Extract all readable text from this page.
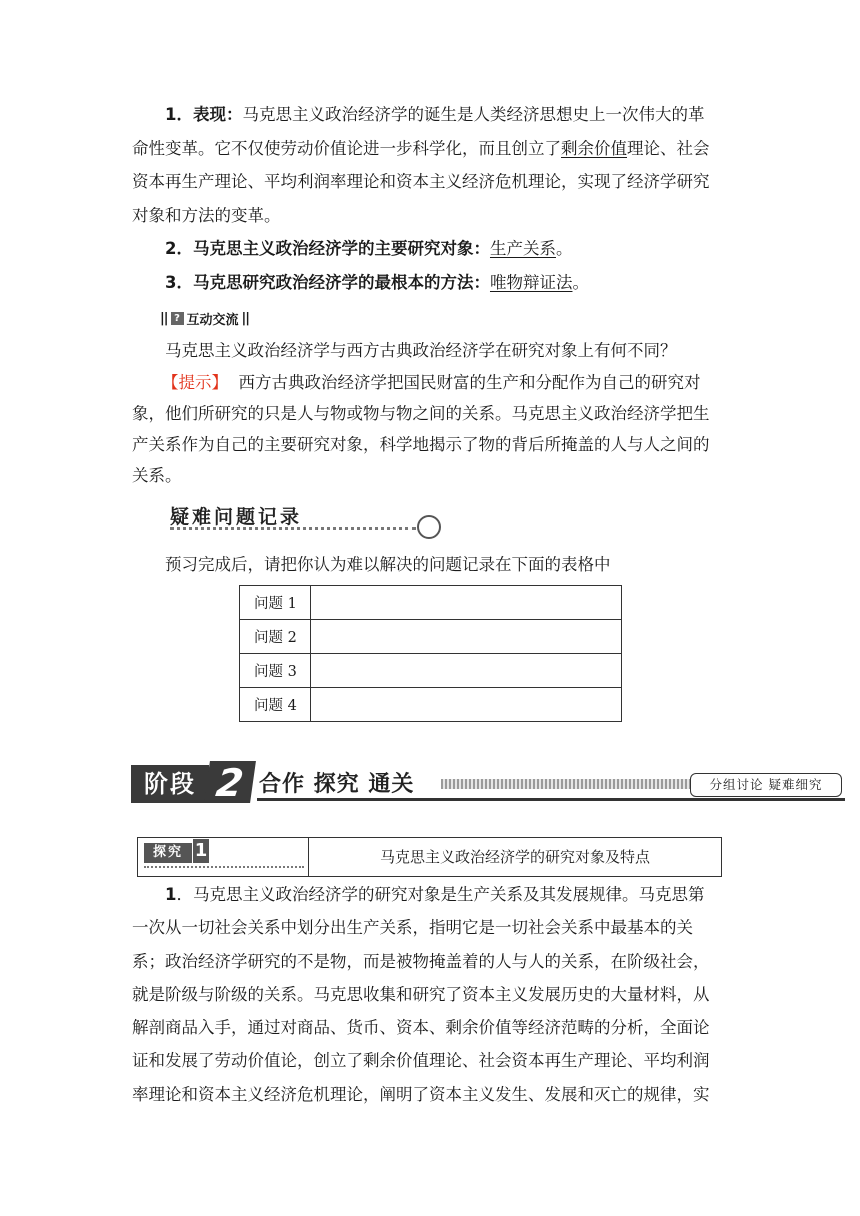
1．表现：马克思主义政治经济学的诞生是人类经济思想史上一次伟大的革
命性变革。它不仅使劳动价值论进一步科学化，而且创立了剩余价值理论、社会
资本再生产理论、平均利润率理论和资本主义经济危机理论，实现了经济学研究
对象和方法的变革。
2．马克思主义政治经济学的主要研究对象：生产关系。
3．马克思研究政治经济学的最根本的方法：唯物辩证法。
|| ? 互动交流 ||
马克思主义政治经济学与西方古典政治经济学在研究对象上有何不同？
【提示】 西方古典政治经济学把国民财富的生产和分配作为自己的研究对
象，他们所研究的只是人与物或物与物之间的关系。马克思主义政治经济学把生
产关系作为自己的主要研究对象，科学地揭示了物的背后所掩盖的人与人之间的
关系。
疑难问题记录
预习完成后，请把你认为难以解决的问题记录在下面的表格中
问题 1	
问题 2	
问题 3	
问题 4	
阶段 2 合作 探究 通关	分组讨论 疑难细究
探究 1	马克思主义政治经济学的研究对象及特点
1．马克思主义政治经济学的研究对象是生产关系及其发展规律。马克思第
一次从一切社会关系中划分出生产关系，指明它是一切社会关系中最基本的关
系；政治经济学研究的不是物，而是被物掩盖着的人与人的关系，在阶级社会，
就是阶级与阶级的关系。马克思收集和研究了资本主义发展历史的大量材料，从
解剖商品入手，通过对商品、货币、资本、剩余价值等经济范畴的分析，全面论
证和发展了劳动价值论，创立了剩余价值理论、社会资本再生产理论、平均利润
率理论和资本主义经济危机理论，阐明了资本主义发生、发展和灭亡的规律，实
